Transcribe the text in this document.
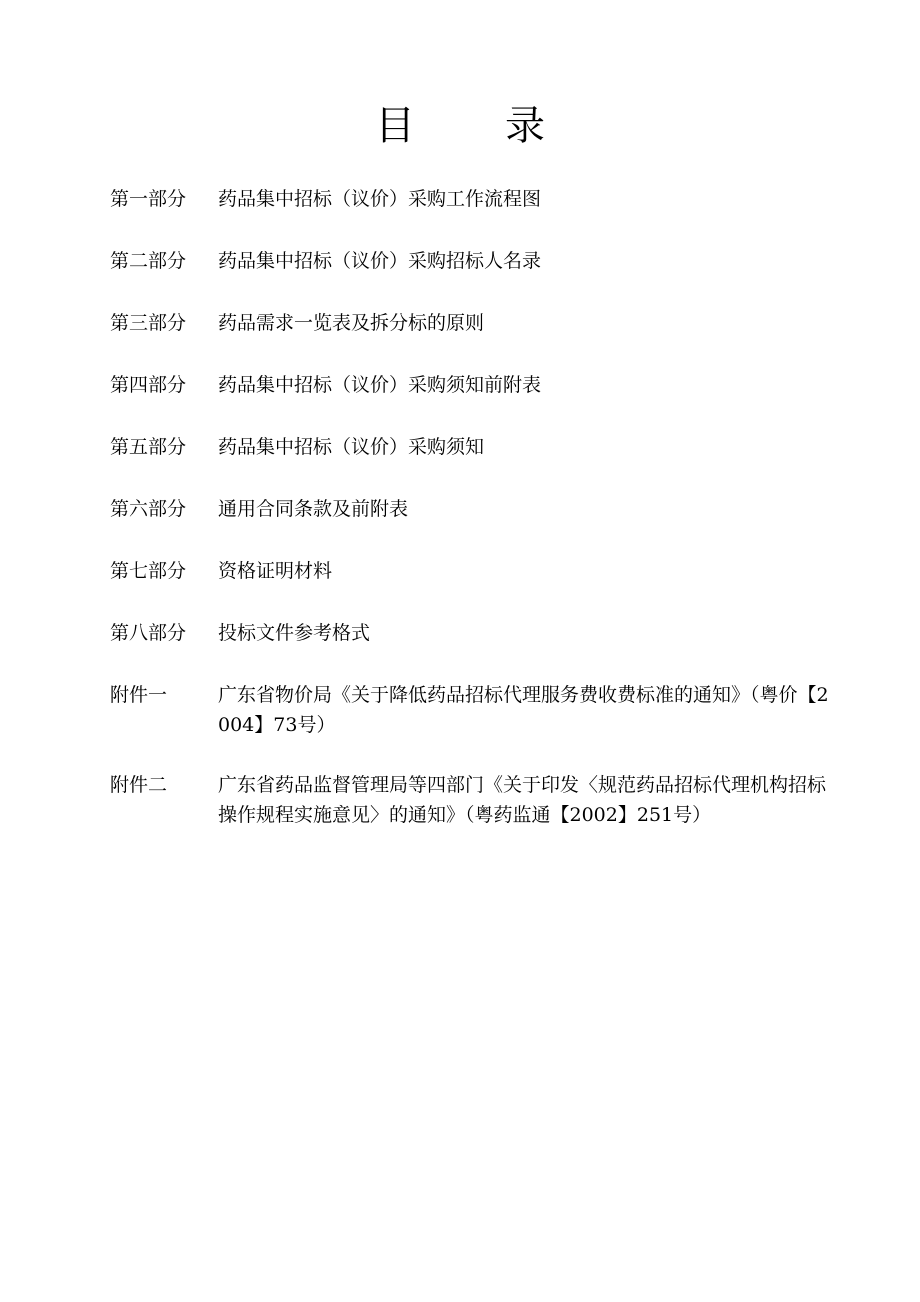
目 录
第一部分	药品集中招标（议价）采购工作流程图
第二部分	药品集中招标（议价）采购招标人名录
第三部分	药品需求一览表及拆分标的原则
第四部分	药品集中招标（议价）采购须知前附表
第五部分	药品集中招标（议价）采购须知
第六部分	通用合同条款及前附表
第七部分	资格证明材料
第八部分	投标文件参考格式
附件一	广东省物价局《关于降低药品招标代理服务费收费标准的通知》（粤价【2004】73号）
附件二	广东省药品监督管理局等四部门《关于印发〈规范药品招标代理机构招标操作规程实施意见〉的通知》（粤药监通【2002】251号）
